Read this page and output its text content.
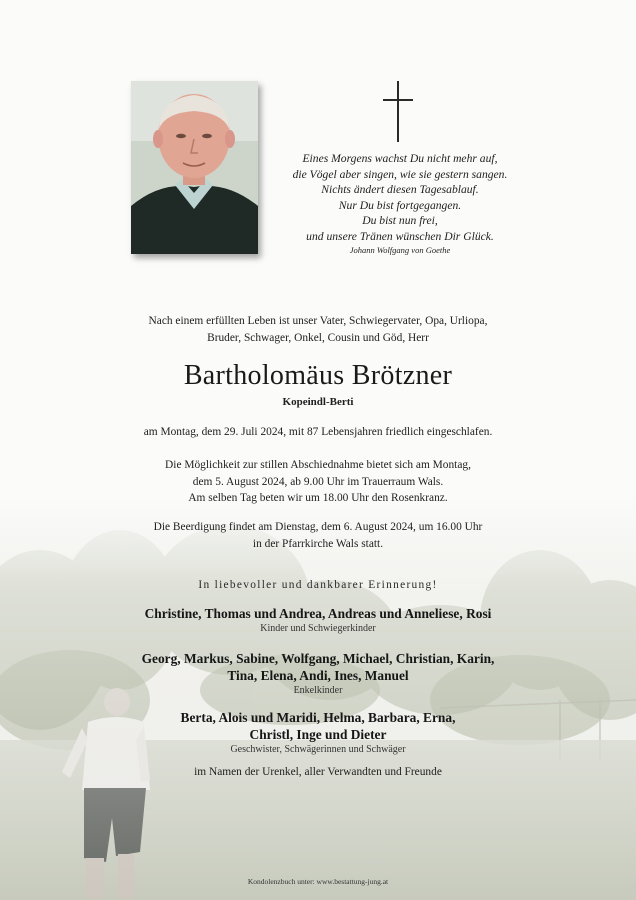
Eines Morgens wachst Du nicht mehr auf,
die Vögel aber singen, wie sie gestern sangen.
Nichts ändert diesen Tagesablauf.
Nur Du bist fortgegangen.
Du bist nun frei,
und unsere Tränen wünschen Dir Glück.
Johann Wolfgang von Goethe
Nach einem erfüllten Leben ist unser Vater, Schwiegervater, Opa, Urliopa,
Bruder, Schwager, Onkel, Cousin und Göd, Herr
Bartholomäus Brötzner
Kopeindl-Berti
am Montag, dem 29. Juli 2024, mit 87 Lebensjahren friedlich eingeschlafen.
Die Möglichkeit zur stillen Abschiednahme bietet sich am Montag,
dem 5. August 2024, ab 9.00 Uhr im Trauerraum Wals.
Am selben Tag beten wir um 18.00 Uhr den Rosenkranz.
Die Beerdigung findet am Dienstag, dem 6. August 2024, um 16.00 Uhr
in der Pfarrkirche Wals statt.
In liebevoller und dankbarer Erinnerung!
Christine, Thomas und Andrea, Andreas und Anneliese, Rosi
Kinder und Schwiegerkinder
Georg, Markus, Sabine, Wolfgang, Michael, Christian, Karin,
Tina, Elena, Andi, Ines, Manuel
Enkelkinder
Berta, Alois und Maridi, Helma, Barbara, Erna,
Christl, Inge und Dieter
Geschwister, Schwägerinnen und Schwäger
im Namen der Urenkel, aller Verwandten und Freunde
Kondolenzbuch unter: www.bestattung-jung.at
